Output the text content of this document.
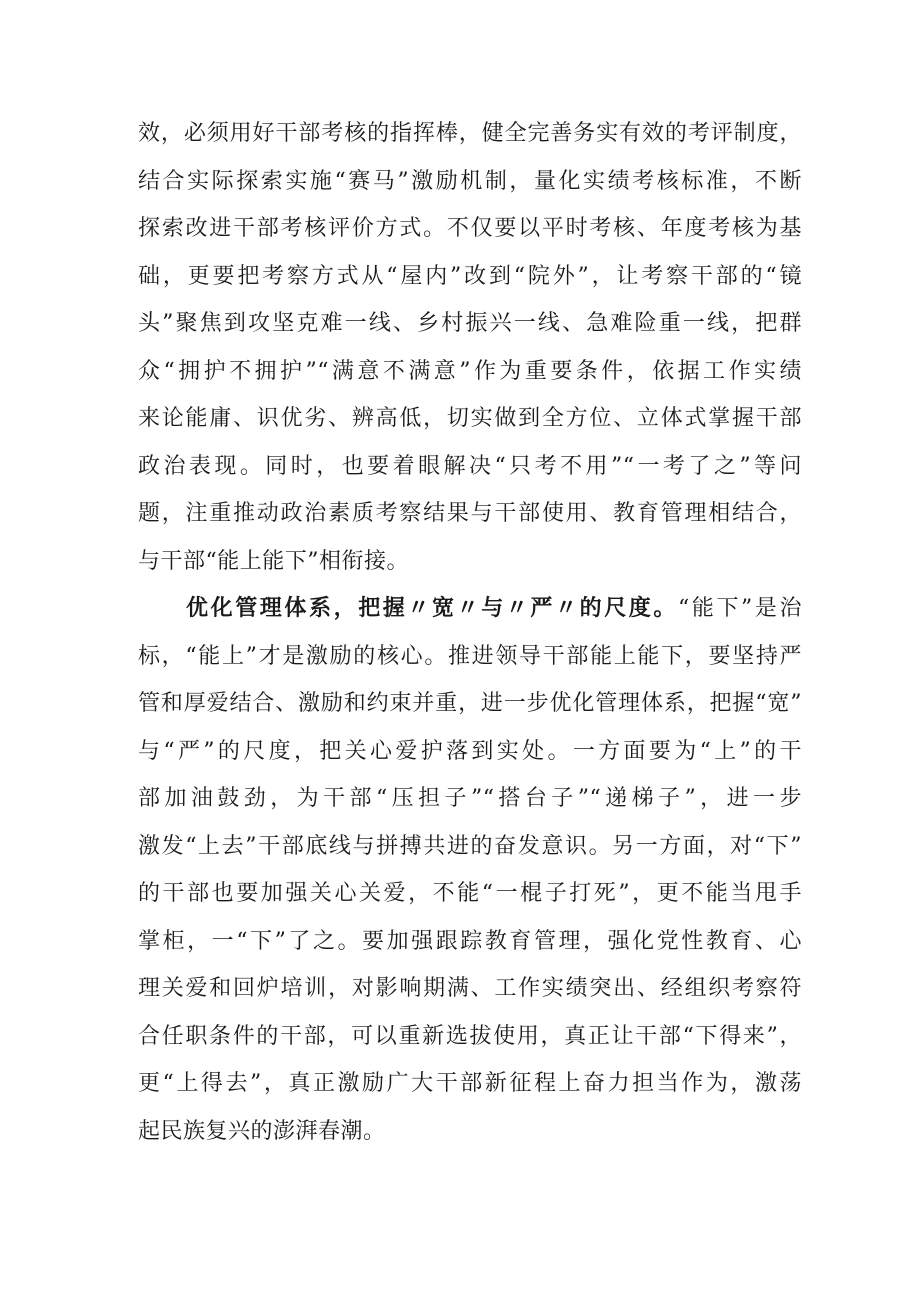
效，必须用好干部考核的指挥棒，健全完善务实有效的考评制度，
结合实际探索实施“赛马”激励机制，量化实绩考核标准，不断
探索改进干部考核评价方式。不仅要以平时考核、年度考核为基
础，更要把考察方式从“屋内”改到“院外”，让考察干部的“镜
头”聚焦到攻坚克难一线、乡村振兴一线、急难险重一线，把群
众“拥护不拥护”“满意不满意”作为重要条件，依据工作实绩
来论能庸、识优劣、辨高低，切实做到全方位、立体式掌握干部
政治表现。同时，也要着眼解决“只考不用”“一考了之”等问
题，注重推动政治素质考察结果与干部使用、教育管理相结合，
与干部“能上能下”相衔接。
优化管理体系，把握〃宽〃与〃严〃的尺度。“能下”是治
标，“能上”才是激励的核心。推进领导干部能上能下，要坚持严
管和厚爱结合、激励和约束并重，进一步优化管理体系，把握“宽”
与“严”的尺度，把关心爱护落到实处。一方面要为“上”的干
部加油鼓劲，为干部“压担子”“搭台子”“递梯子”，进一步
激发“上去”干部底线与拼搏共进的奋发意识。另一方面，对“下”
的干部也要加强关心关爱，不能“一棍子打死”，更不能当甩手
掌柜，一“下”了之。要加强跟踪教育管理，强化党性教育、心
理关爱和回炉培训，对影响期满、工作实绩突出、经组织考察符
合任职条件的干部，可以重新选拔使用，真正让干部“下得来”，
更“上得去”，真正激励广大干部新征程上奋力担当作为，激荡
起民族复兴的澎湃春潮。
